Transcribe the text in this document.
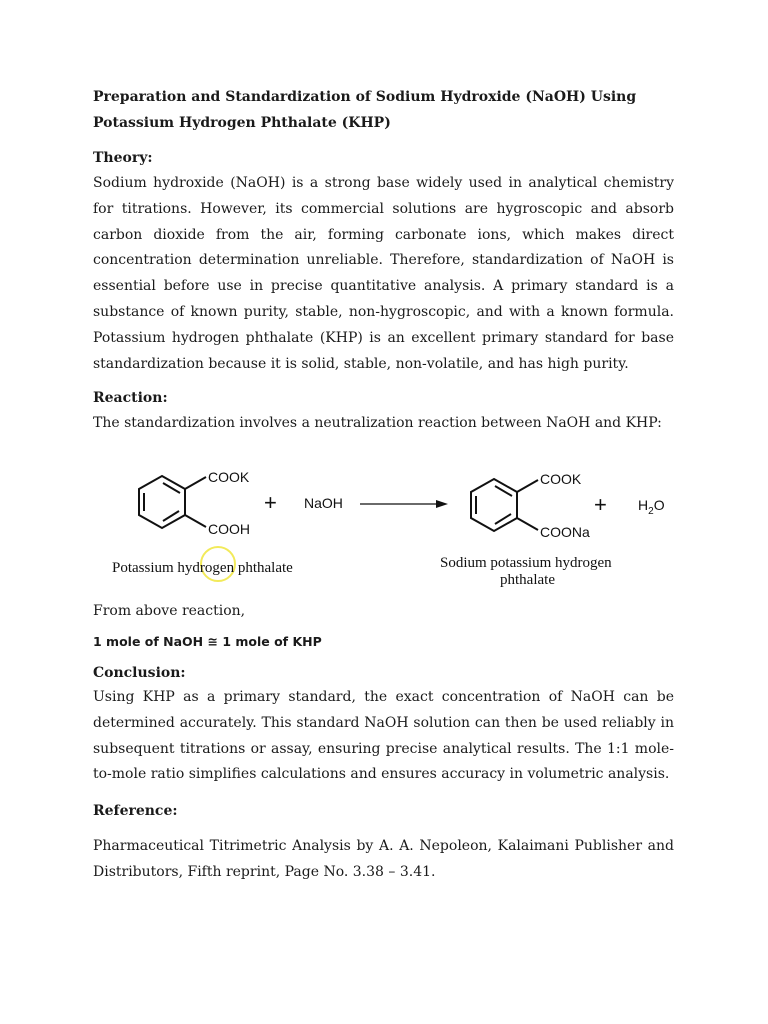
Preparation and Standardization of Sodium Hydroxide (NaOH) Using Potassium Hydrogen Phthalate (KHP)
Theory:

Sodium hydroxide (NaOH) is a strong base widely used in analytical chemistry for titrations. However, its commercial solutions are hygroscopic and absorb carbon dioxide from the air, forming carbonate ions, which makes direct concentration determination unreliable. Therefore, standardization of NaOH is essential before use in precise quantitative analysis. A primary standard is a substance of known purity, stable, non-hygroscopic, and with a known formula. Potassium hydrogen phthalate (KHP) is an excellent primary standard for base standardization because it is solid, stable, non-volatile, and has high purity.

Reaction:

The standardization involves a neutralization reaction between NaOH and KHP:

COOK
COOH
Potassium hydrogen phthalate
+ NaOH
COOK
COONa
+ $H_2O$
Sodium potassium hydrogen
phthalate

From above reaction,

1 mole of NaOH ≅ 1 mole of KHP

Conclusion:

Using KHP as a primary standard, the exact concentration of NaOH can be determined accurately. This standard NaOH solution can then be used reliably in subsequent titrations or assay, ensuring precise analytical results. The 1:1 mole-to-mole ratio simplifies calculations and ensures accuracy in volumetric analysis.

Reference:

Pharmaceutical Titrimetric Analysis by A. A. Nepoleon, Kalaimani Publisher and Distributors, Fifth reprint, Page No. 3.38 – 3.41.
